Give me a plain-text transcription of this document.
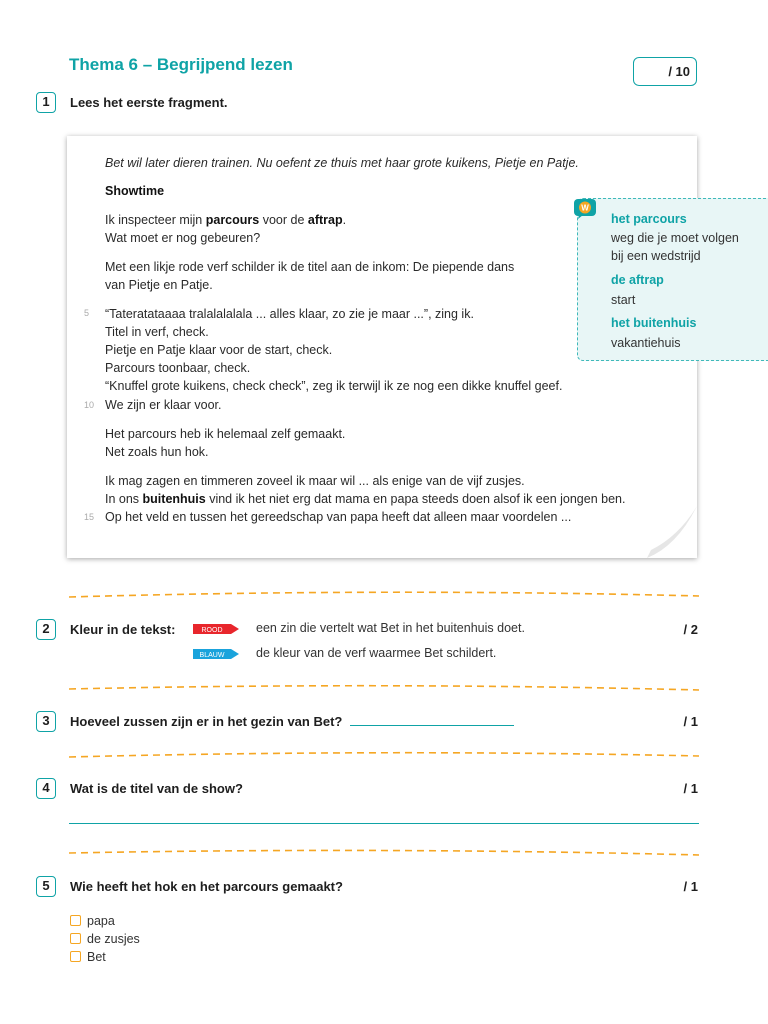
Thema 6 – Begrijpend lezen	/ 10
1	Lees het eerste fragment.
Bet wil later dieren trainen. Nu oefent ze thuis met haar grote kuikens, Pietje en Patje.
Showtime
Ik inspecteer mijn parcours voor de aftrap.
Wat moet er nog gebeuren?
Met een likje rode verf schilder ik de titel aan de inkom: De piepende dans
van Pietje en Patje.
5 “Tateratataaaa tralalalalala ... alles klaar, zo zie je maar ...”, zing ik.
Titel in verf, check.
Pietje en Patje klaar voor de start, check.
Parcours toonbaar, check.
“Knuffel grote kuikens, check check”, zeg ik terwijl ik ze nog een dikke knuffel geef.
10 We zijn er klaar voor.
Het parcours heb ik helemaal zelf gemaakt.
Net zoals hun hok.
Ik mag zagen en timmeren zoveel ik maar wil ... als enige van de vijf zusjes.
In ons buitenhuis vind ik het niet erg dat mama en papa steeds doen alsof ik een jongen ben.
15 Op het veld en tussen het gereedschap van papa heeft dat alleen maar voordelen ...
W
het parcours
weg die je moet volgen
bij een wedstrijd
de aftrap
start
het buitenhuis
vakantiehuis
2	Kleur in de tekst:	/ 2
ROOD	een zin die vertelt wat Bet in het buitenhuis doet.
BLAUW	de kleur van de verf waarmee Bet schildert.
3	Hoeveel zussen zijn er in het gezin van Bet?	/ 1
4	Wat is de titel van de show?	/ 1
5	Wie heeft het hok en het parcours gemaakt?	/ 1
papa
de zusjes
Bet
